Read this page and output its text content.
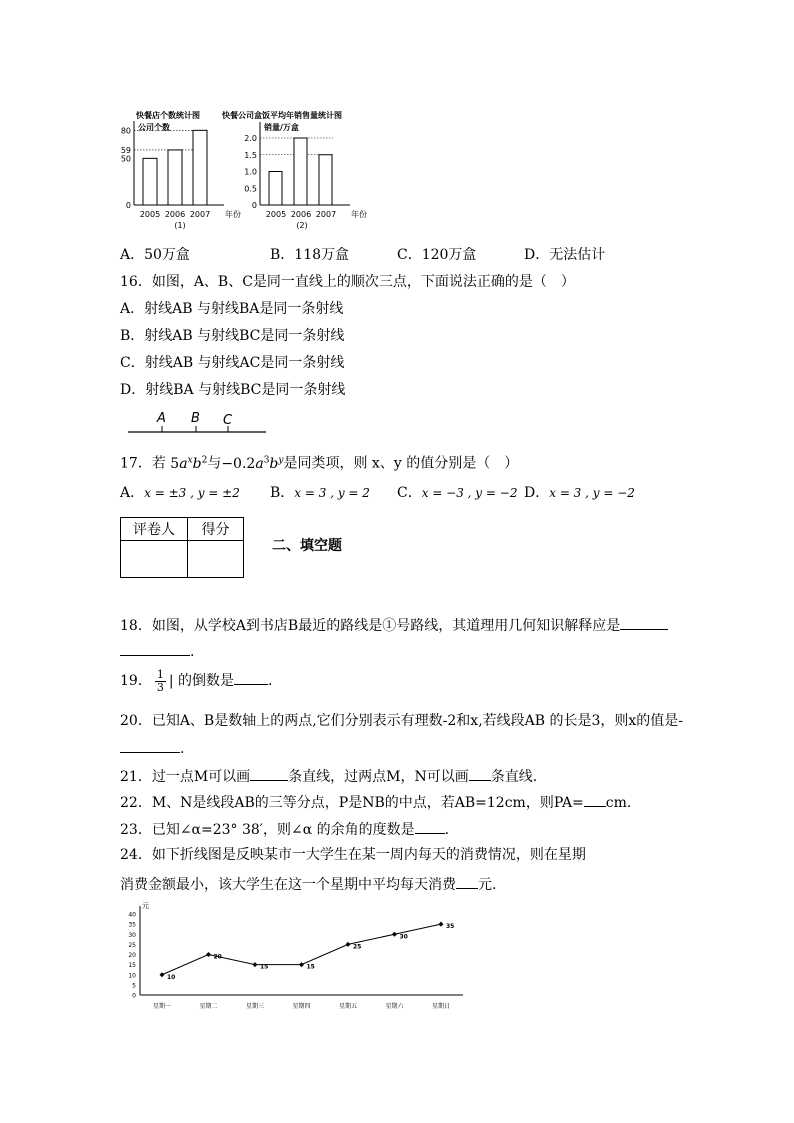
快餐店个数统计图	快餐公司盒饭平均年销售量统计图
公司个数
0
50
59
80
2005 2006 2007 年份
(1)
销量/万盒
0
0.5
1.0
1.5
2.0
2005 2006 2007 年份
(2)
A．50万盒	B．118万盒	C．120万盒	D．无法估计
16．如图，A、B、C是同一直线上的顺次三点，下面说法正确的是（　）
A．射线AB 与射线BA是同一条射线
B．射线AB 与射线BC是同一条射线
C．射线AB 与射线AC是同一条射线
D．射线BA 与射线BC是同一条射线
A B C
17．若 $5a^xb^2$与$-0.2a^3b^y$是同类项，则 x、y 的值分别是（　）
A．x = ±3 , y = ±2 B．x = 3 , y = 2 C．x = −3 , y = −2 D．x = 3 , y = −2
评卷人	得分

二、填空题
18．如图，从学校A到书店B最近的路线是①号路线，其道理用几何知识解释应是
.
19． $\frac{1}{3}$ | 的倒数是 .
20．已知A、B是数轴上的两点,它们分别表示有理数-2和x,若线段AB 的长是3，则x的值是-
.
21．过一点M可以画	条直线，过两点M，N可以画 条直线.
22．M、N是线段AB的三等分点，P是NB的中点，若AB=12cm，则PA= cm.
23．已知∠α=23° 38′，则∠α 的余角的度数是 .
24．如下折线图是反映某市一大学生在某一周内每天的消费情况，则在星期
消费金额最小，该大学生在这一个星期中平均每天消费 元.
元
0
5
10
15
20
25
30
35
40
10
星期一
20
星期二
15
星期三
15
星期四
25
星期五
30
星期六
35
星期日
